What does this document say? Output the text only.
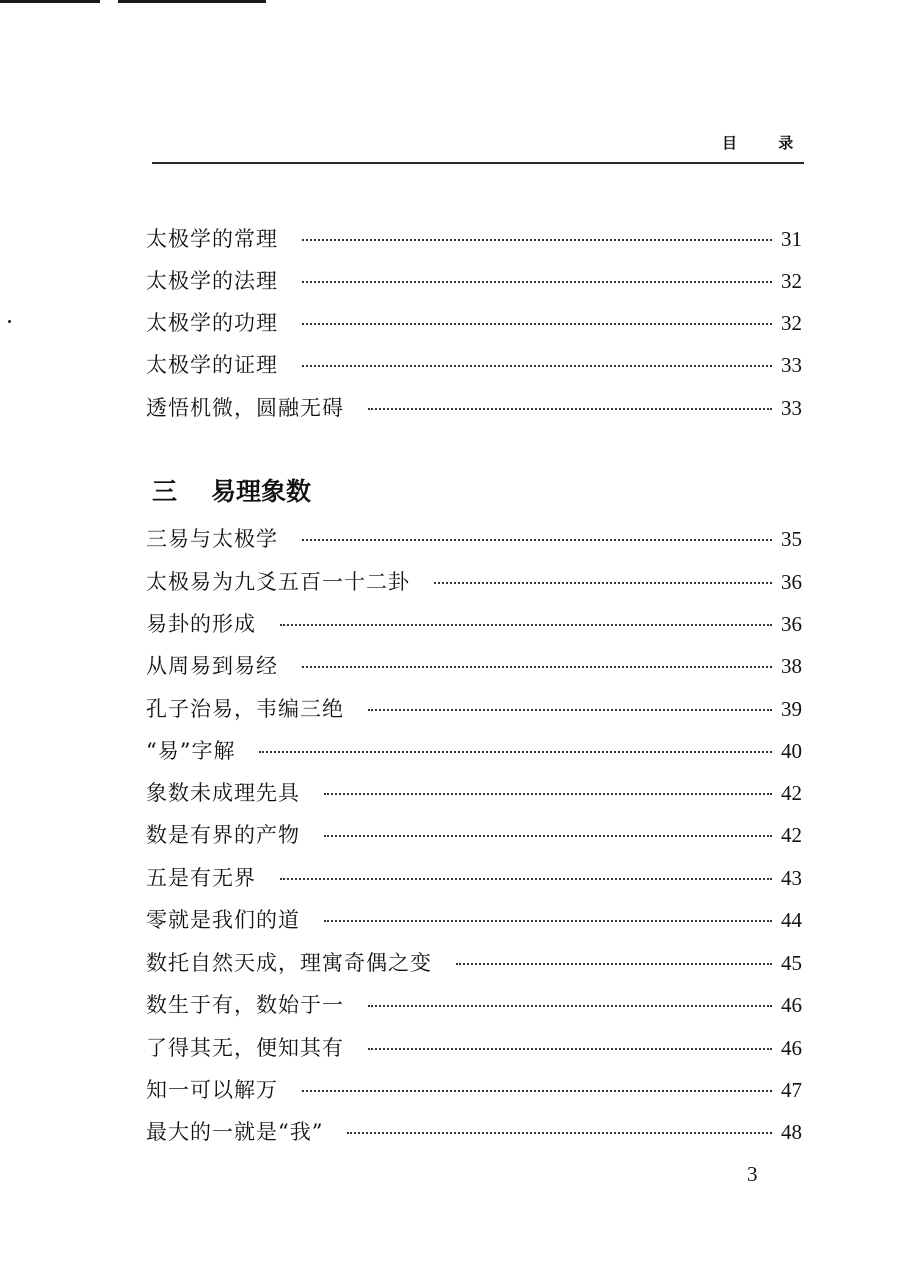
目 录
太极学的常理	31
太极学的法理	32
太极学的功理	32
太极学的证理	33
透悟机微，圆融无碍	33
三 易理象数
三易与太极学	35
太极易为九爻五百一十二卦	36
易卦的形成	36
从周易到易经	38
孔子治易，韦编三绝	39
“易”字解	40
象数未成理先具	42
数是有界的产物	42
五是有无界	43
零就是我们的道	44
数托自然天成，理寓奇偶之变	45
数生于有，数始于一	46
了得其无，便知其有	46
知一可以解万	47
最大的一就是“我”	48
3
